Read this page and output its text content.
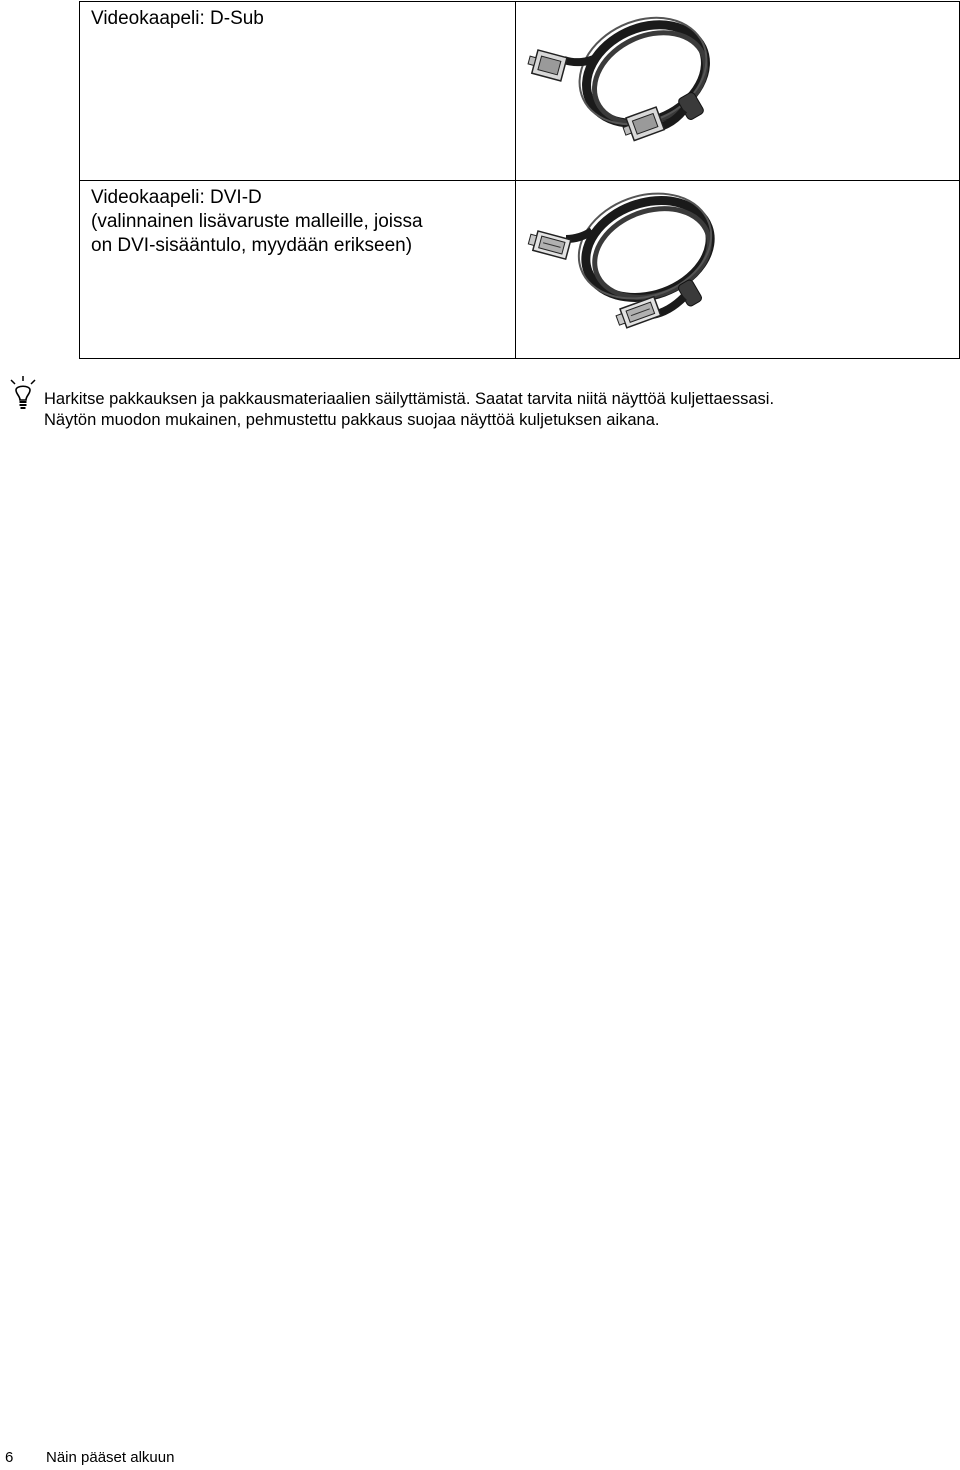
Videokaapeli: D-Sub

Videokaapeli: DVI-D
(valinnainen lisävaruste malleille, joissa
on DVI-sisääntulo, myydään erikseen)

Harkitse pakkauksen ja pakkausmateriaalien säilyttämistä. Saatat tarvita niitä näyttöä kuljettaessasi.
Näytön muodon mukainen, pehmustettu pakkaus suojaa näyttöä kuljetuksen aikana.
6 Näin pääset alkuun
